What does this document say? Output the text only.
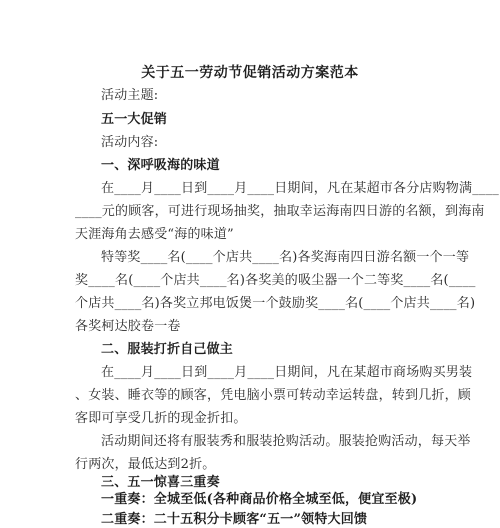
关于五一劳动节促销活动方案范本
活动主题:
五一大促销
活动内容:
一、深呼吸海的味道
在____月____日到____月____日期间，凡在某超市各分店购物满____
____元的顾客，可进行现场抽奖，抽取幸运海南四日游的名额，到海南
天涯海角去感受“海的味道”
特等奖____名(____个店共____名)各奖海南四日游名额一个一等
奖____名(____个店共____名)各奖美的吸尘器一个二等奖____名(____
个店共____名)各奖立邦电饭煲一个鼓励奖____名(____个店共____名)
各奖柯达胶卷一卷
二、服装打折自己做主
在____月____日到____月____日期间，凡在某超市商场购买男装
、女装、睡衣等的顾客，凭电脑小票可转动幸运转盘，转到几折，顾
客即可享受几折的现金折扣。
活动期间还将有服装秀和服装抢购活动。服装抢购活动，每天举
行两次，最低达到2折。
三、五一惊喜三重奏
一重奏：全城至低(各种商品价格全城至低，便宜至极)
二重奏：二十五积分卡顾客“五一”领特大回馈
